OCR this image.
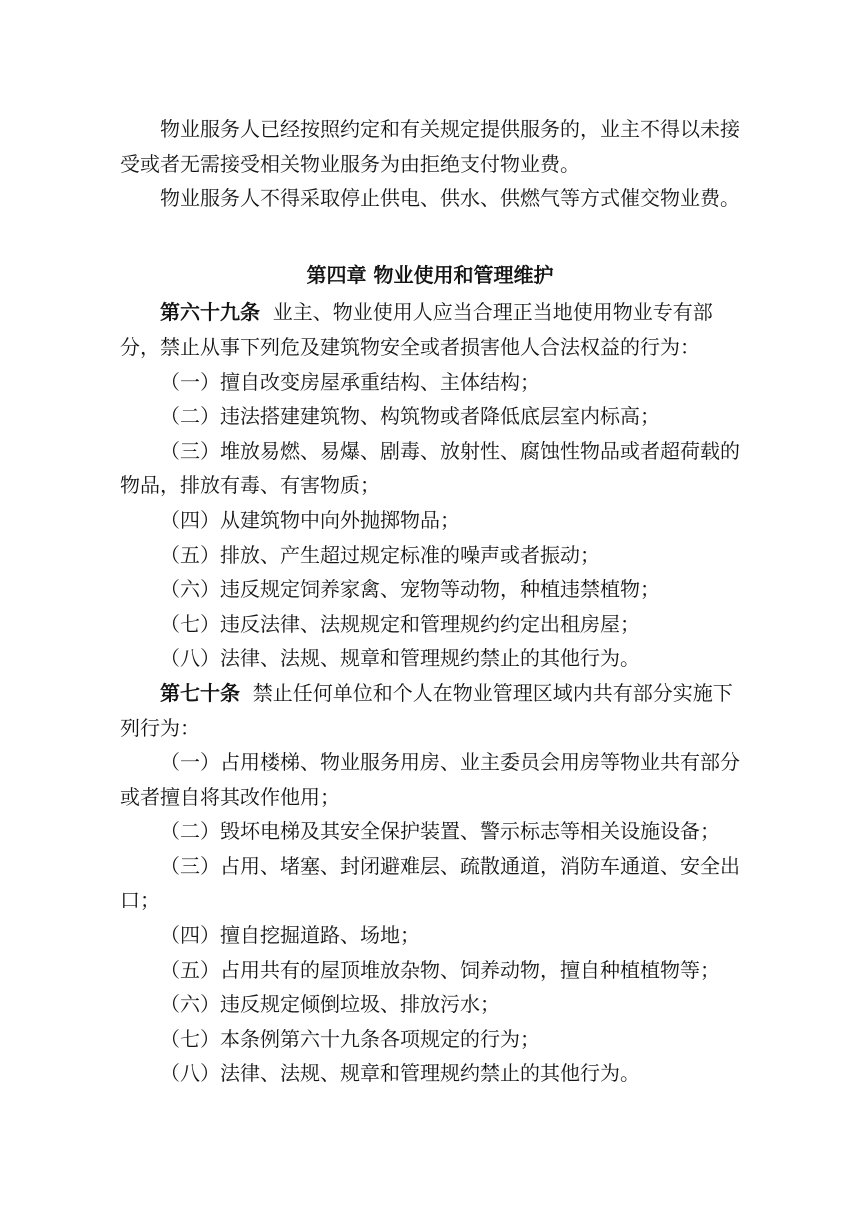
物业服务人已经按照约定和有关规定提供服务的，业主不得以未接受或者无需接受相关物业服务为由拒绝支付物业费。

物业服务人不得采取停止供电、供水、供燃气等方式催交物业费。

第四章 物业使用和管理维护

第六十九条 业主、物业使用人应当合理正当地使用物业专有部分，禁止从事下列危及建筑物安全或者损害他人合法权益的行为：

（一）擅自改变房屋承重结构、主体结构；

（二）违法搭建建筑物、构筑物或者降低底层室内标高；

（三）堆放易燃、易爆、剧毒、放射性、腐蚀性物品或者超荷载的物品，排放有毒、有害物质；

（四）从建筑物中向外抛掷物品；

（五）排放、产生超过规定标准的噪声或者振动；

（六）违反规定饲养家禽、宠物等动物，种植违禁植物；

（七）违反法律、法规规定和管理规约约定出租房屋；

（八）法律、法规、规章和管理规约禁止的其他行为。

第七十条 禁止任何单位和个人在物业管理区域内共有部分实施下列行为：

（一）占用楼梯、物业服务用房、业主委员会用房等物业共有部分或者擅自将其改作他用；

（二）毁坏电梯及其安全保护装置、警示标志等相关设施设备；

（三）占用、堵塞、封闭避难层、疏散通道，消防车通道、安全出口；

（四）擅自挖掘道路、场地；

（五）占用共有的屋顶堆放杂物、饲养动物，擅自种植植物等；

（六）违反规定倾倒垃圾、排放污水；

（七）本条例第六十九条各项规定的行为；

（八）法律、法规、规章和管理规约禁止的其他行为。
